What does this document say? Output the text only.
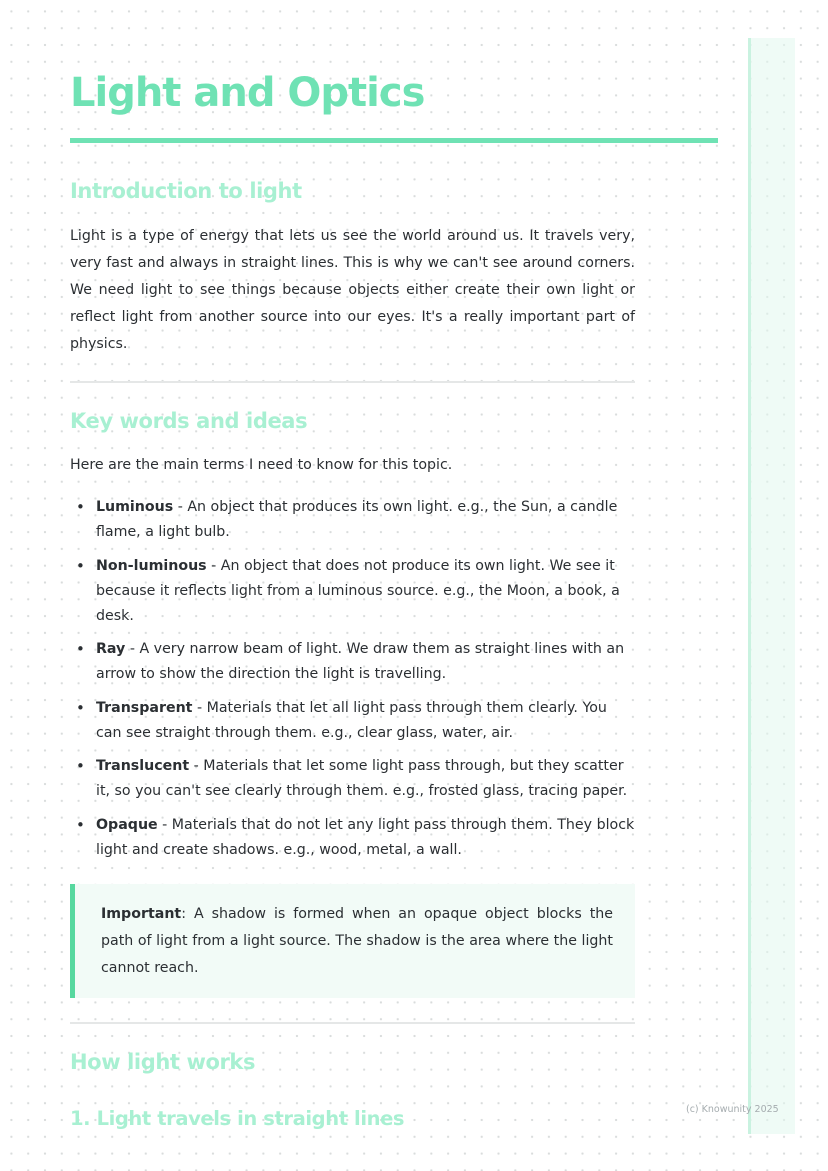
Light and Optics
Introduction to light

Light is a type of energy that lets us see the world around us. It travels very, very fast and always in straight lines. This is why we can't see around corners. We need light to see things because objects either create their own light or reflect light from another source into our eyes. It's a really important part of physics.

Key words and ideas

Here are the main terms I need to know for this topic.

• Luminous - An object that produces its own light. e.g., the Sun, a candle flame, a light bulb.
• Non-luminous - An object that does not produce its own light. We see it because it reflects light from a luminous source. e.g., the Moon, a book, a desk.
• Ray - A very narrow beam of light. We draw them as straight lines with an arrow to show the direction the light is travelling.
• Transparent - Materials that let all light pass through them clearly. You can see straight through them. e.g., clear glass, water, air.
• Translucent - Materials that let some light pass through, but they scatter it, so you can't see clearly through them. e.g., frosted glass, tracing paper.
• Opaque - Materials that do not let any light pass through them. They block light and create shadows. e.g., wood, metal, a wall.

Important: A shadow is formed when an opaque object blocks the path of light from a light source. The shadow is the area where the light cannot reach.

How light works
1. Light travels in straight lines	(c) Knowunity 2025
